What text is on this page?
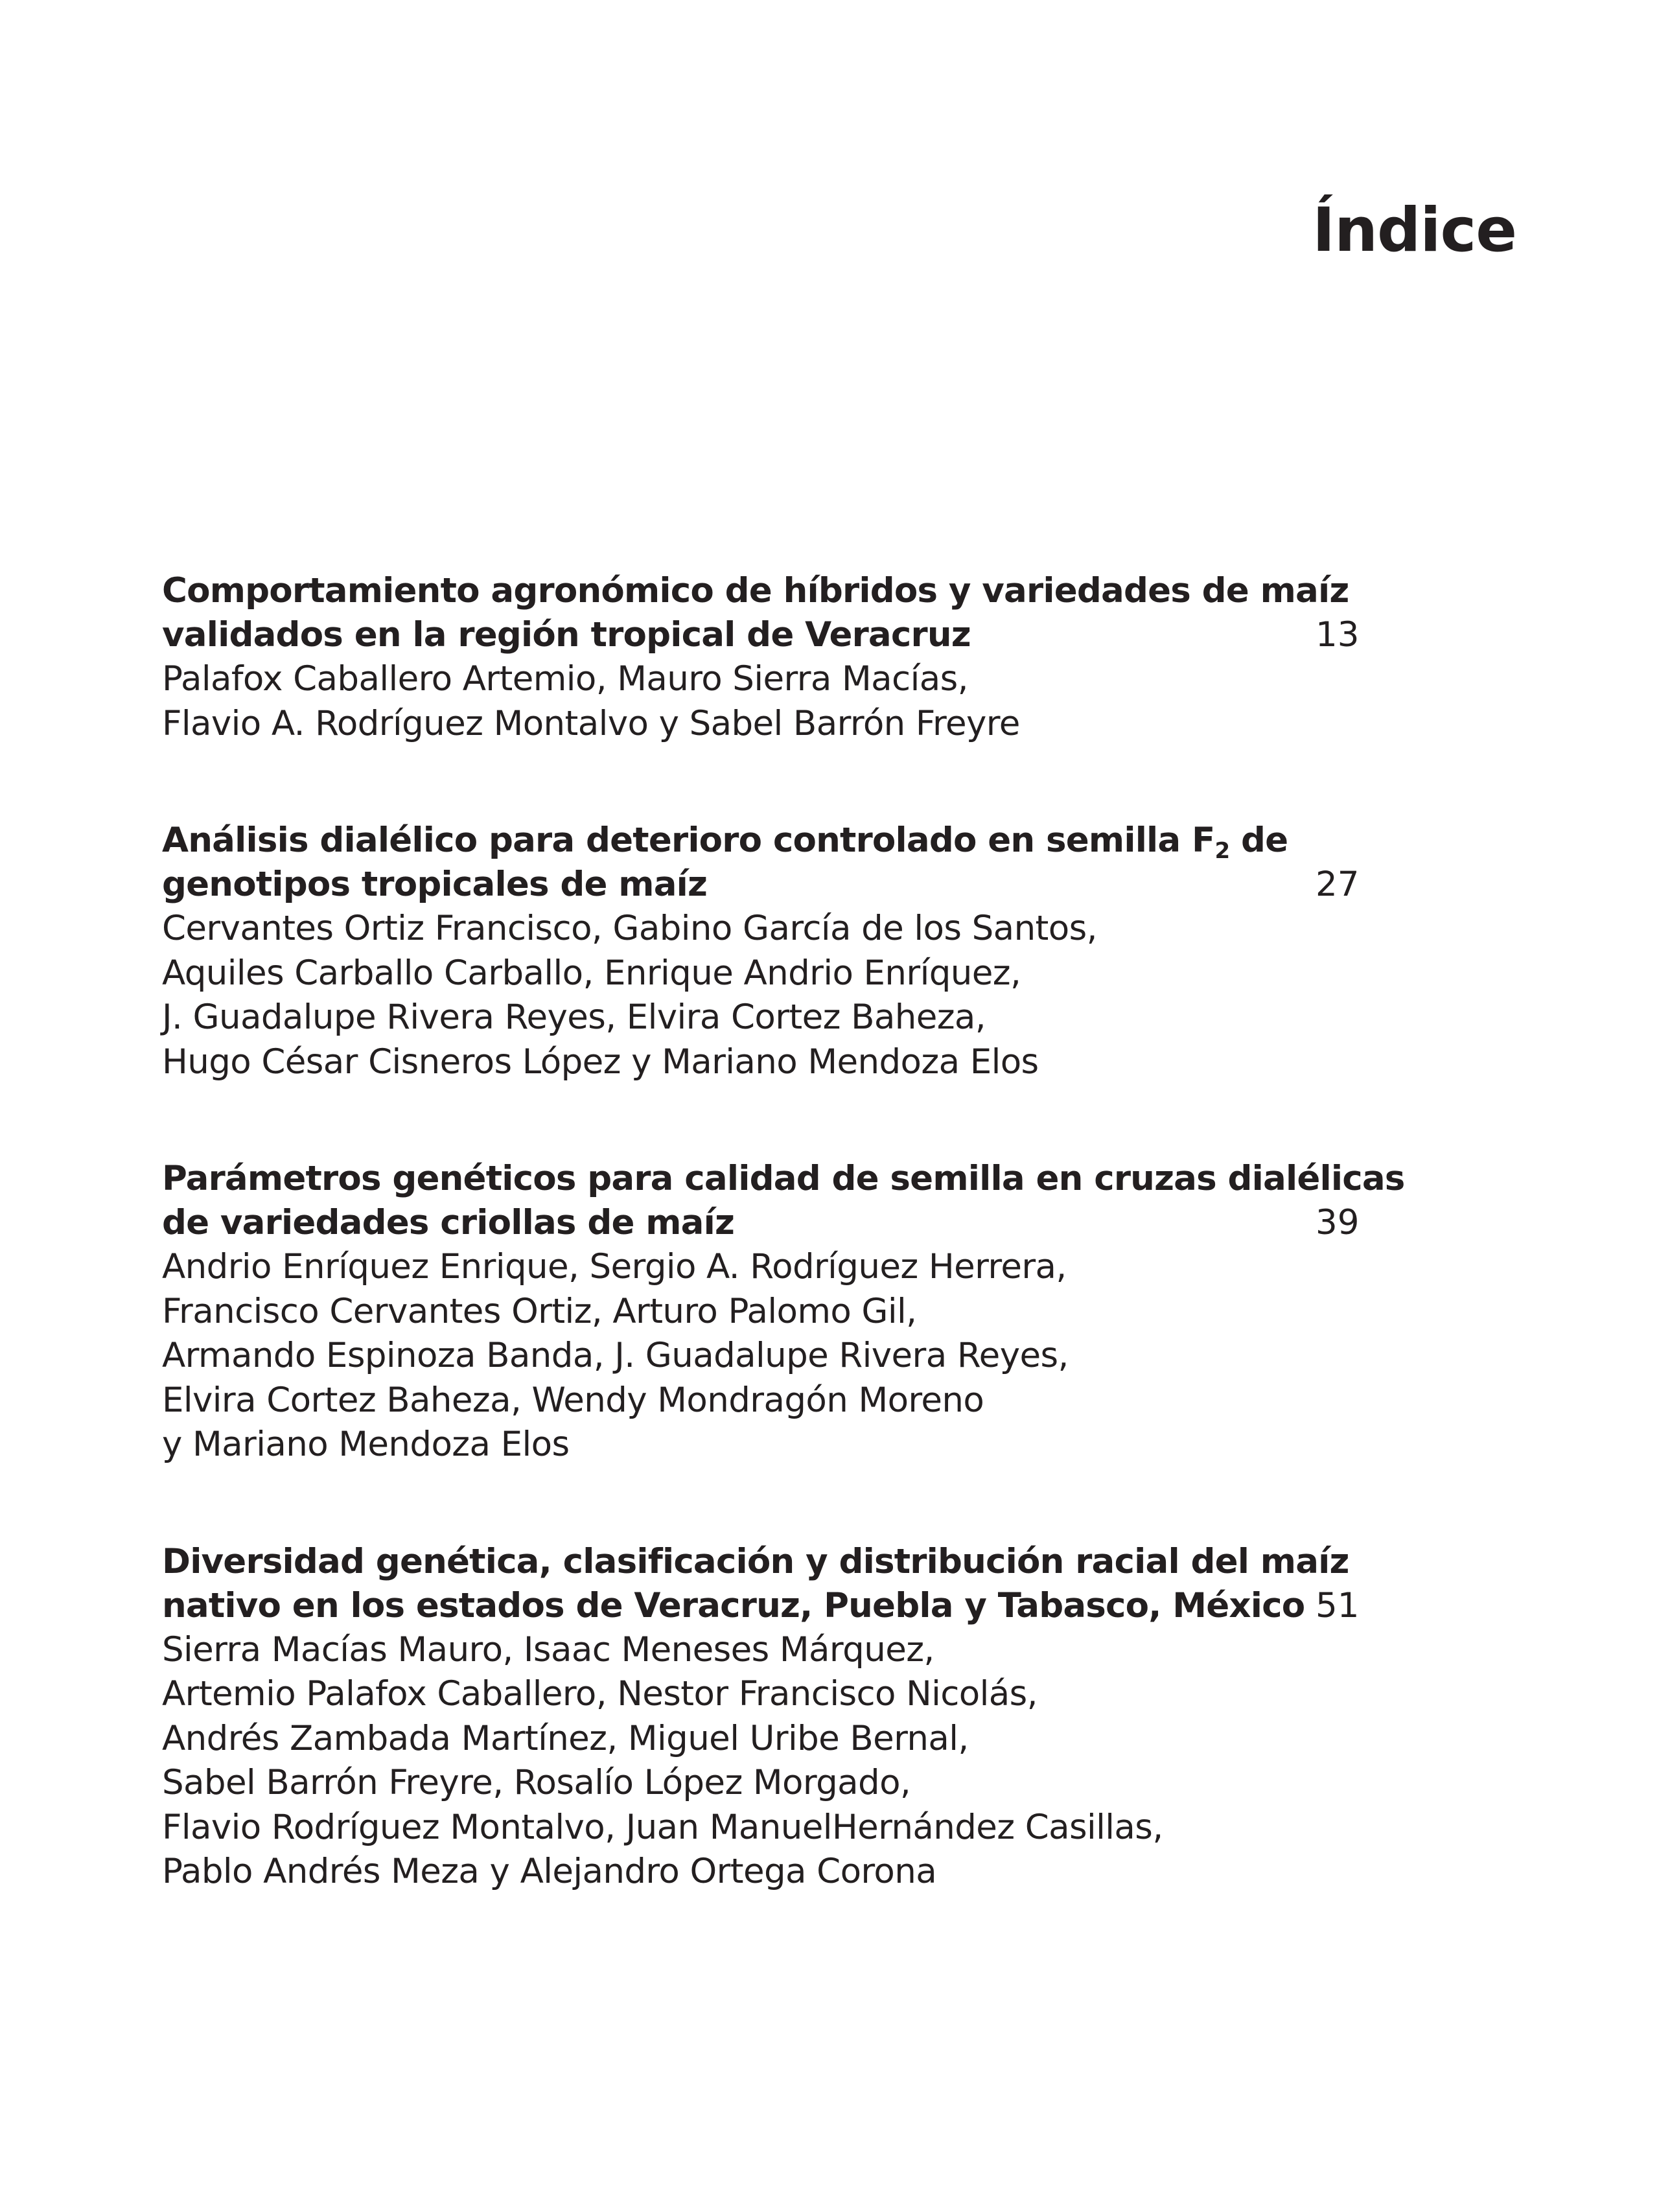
Índice
Comportamiento agronómico de híbridos y variedades de maíz
validados en la región tropical de Veracruz
Palafox Caballero Artemio, Mauro Sierra Macías,
Flavio A. Rodríguez Montalvo y Sabel Barrón Freyre
13
Análisis dialélico para deterioro controlado en semilla $F_2$ de
genotipos tropicales de maíz
Cervantes Ortiz Francisco, Gabino García de los Santos,
Aquiles Carballo Carballo, Enrique Andrio Enríquez,
J. Guadalupe Rivera Reyes, Elvira Cortez Baheza,
Hugo César Cisneros López y Mariano Mendoza Elos
27
Parámetros genéticos para calidad de semilla en cruzas dialélicas
de variedades criollas de maíz
Andrio Enríquez Enrique, Sergio A. Rodríguez Herrera,
Francisco Cervantes Ortiz, Arturo Palomo Gil,
Armando Espinoza Banda, J. Guadalupe Rivera Reyes,
Elvira Cortez Baheza, Wendy Mondragón Moreno
y Mariano Mendoza Elos
39
Diversidad genética, clasificación y distribución racial del maíz
nativo en los estados de Veracruz, Puebla y Tabasco, México
Sierra Macías Mauro, Isaac Meneses Márquez,
Artemio Palafox Caballero, Nestor Francisco Nicolás,
Andrés Zambada Martínez, Miguel Uribe Bernal,
Sabel Barrón Freyre, Rosalío López Morgado,
Flavio Rodríguez Montalvo, Juan ManuelHernández Casillas,
Pablo Andrés Meza y Alejandro Ortega Corona
51
